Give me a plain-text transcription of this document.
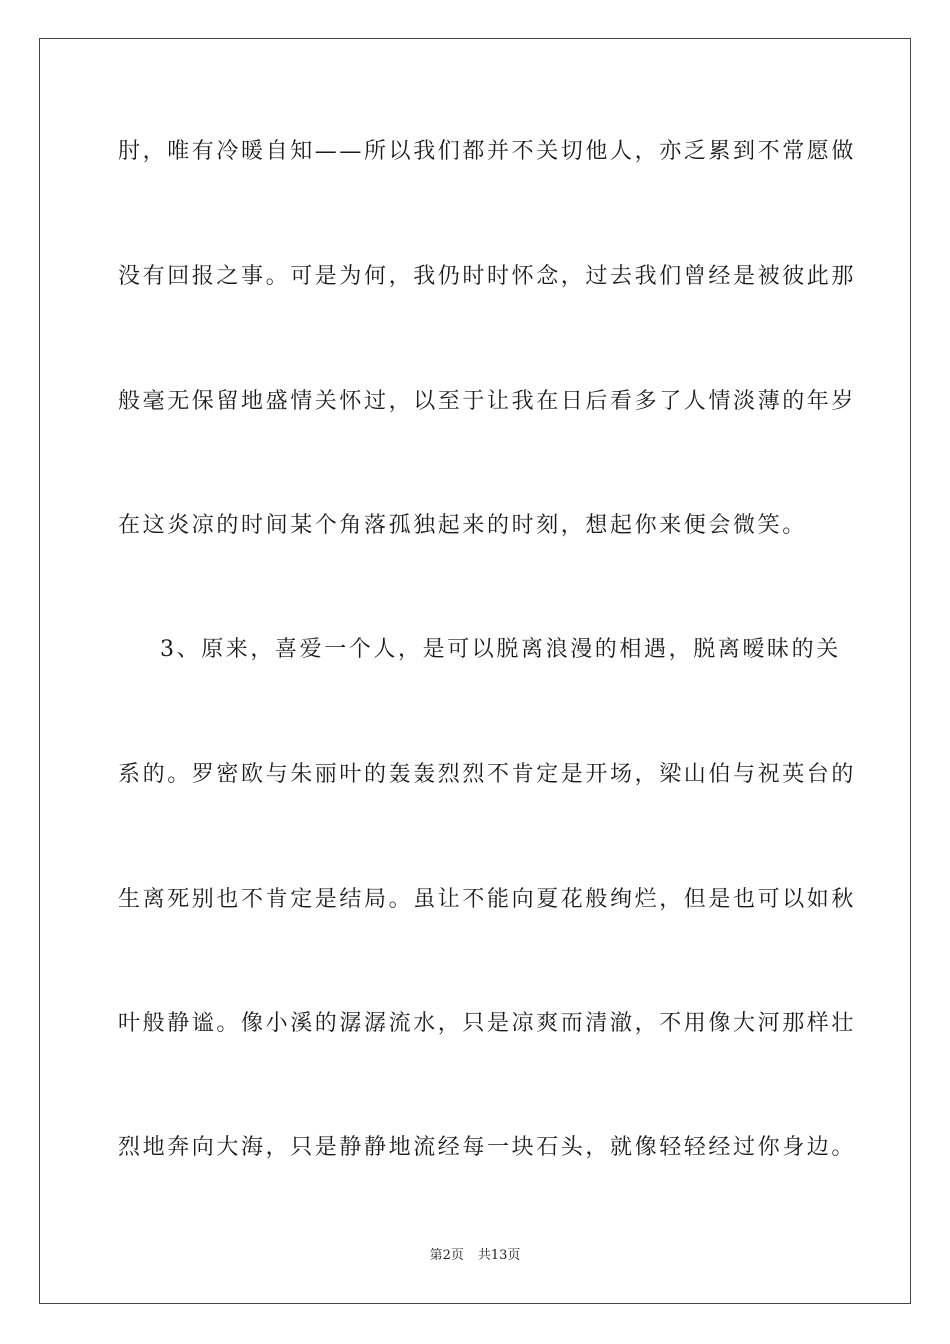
肘，唯有冷暖自知——所以我们都并不关切他人，亦乏累到不常愿做
没有回报之事。可是为何，我仍时时怀念，过去我们曾经是被彼此那
般毫无保留地盛情关怀过，以至于让我在日后看多了人情淡薄的年岁
在这炎凉的时间某个角落孤独起来的时刻，想起你来便会微笑。
3、原来，喜爱一个人，是可以脱离浪漫的相遇，脱离暧昧的关
系的。罗密欧与朱丽叶的轰轰烈烈不肯定是开场，梁山伯与祝英台的
生离死别也不肯定是结局。虽让不能向夏花般绚烂，但是也可以如秋
叶般静谧。像小溪的潺潺流水，只是凉爽而清澈，不用像大河那样壮
烈地奔向大海，只是静静地流经每一块石头，就像轻轻经过你身边。
第2页 共13页
